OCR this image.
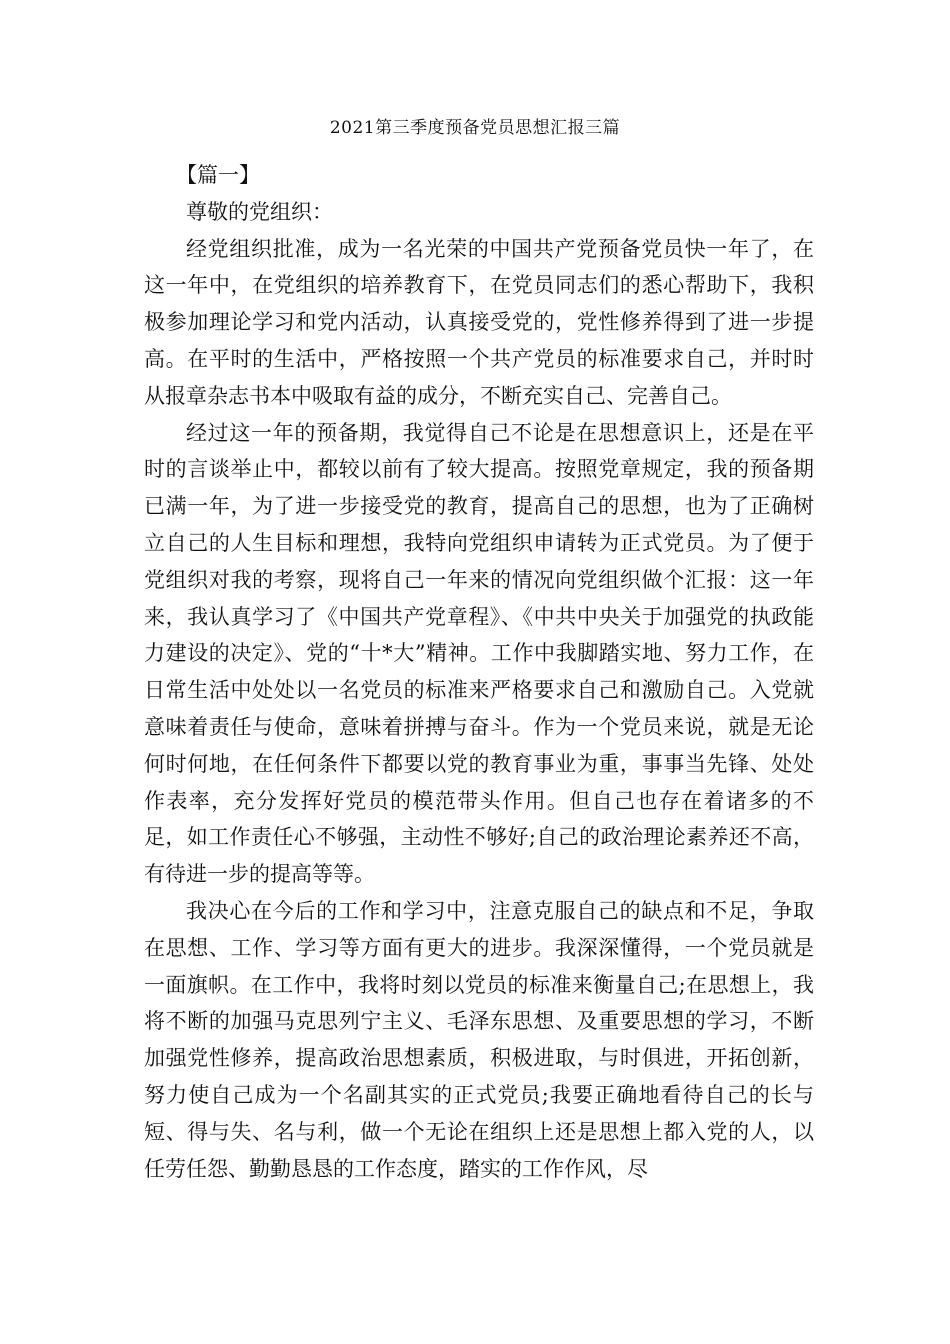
2021第三季度预备党员思想汇报三篇

【篇一】

尊敬的党组织：

经党组织批准，成为一名光荣的中国共产党预备党员快一年了，在这一年中，在党组织的培养教育下，在党员同志们的悉心帮助下，我积极参加理论学习和党内活动，认真接受党的，党性修养得到了进一步提高。在平时的生活中，严格按照一个共产党员的标准要求自己，并时时从报章杂志书本中吸取有益的成分，不断充实自己、完善自己。

经过这一年的预备期，我觉得自己不论是在思想意识上，还是在平时的言谈举止中，都较以前有了较大提高。按照党章规定，我的预备期已满一年，为了进一步接受党的教育，提高自己的思想，也为了正确树立自己的人生目标和理想，我特向党组织申请转为正式党员。为了便于党组织对我的考察，现将自己一年来的情况向党组织做个汇报：这一年来，我认真学习了《中国共产党章程》、《中共中央关于加强党的执政能力建设的决定》、党的“十*大”精神。工作中我脚踏实地、努力工作，在日常生活中处处以一名党员的标准来严格要求自己和激励自己。入党就意味着责任与使命，意味着拼搏与奋斗。作为一个党员来说，就是无论何时何地，在任何条件下都要以党的教育事业为重，事事当先锋、处处作表率，充分发挥好党员的模范带头作用。但自己也存在着诸多的不足，如工作责任心不够强，主动性不够好;自己的政治理论素养还不高，有待进一步的提高等等。

我决心在今后的工作和学习中，注意克服自己的缺点和不足，争取在思想、工作、学习等方面有更大的进步。我深深懂得，一个党员就是一面旗帜。在工作中，我将时刻以党员的标准来衡量自己;在思想上，我将不断的加强马克思列宁主义、毛泽东思想、及重要思想的学习，不断加强党性修养，提高政治思想素质，积极进取，与时俱进，开拓创新，努力使自己成为一个名副其实的正式党员;我要正确地看待自己的长与短、得与失、名与利，做一个无论在组织上还是思想上都入党的人，以任劳任怨、勤勤恳恳的工作态度，踏实的工作作风，尽
